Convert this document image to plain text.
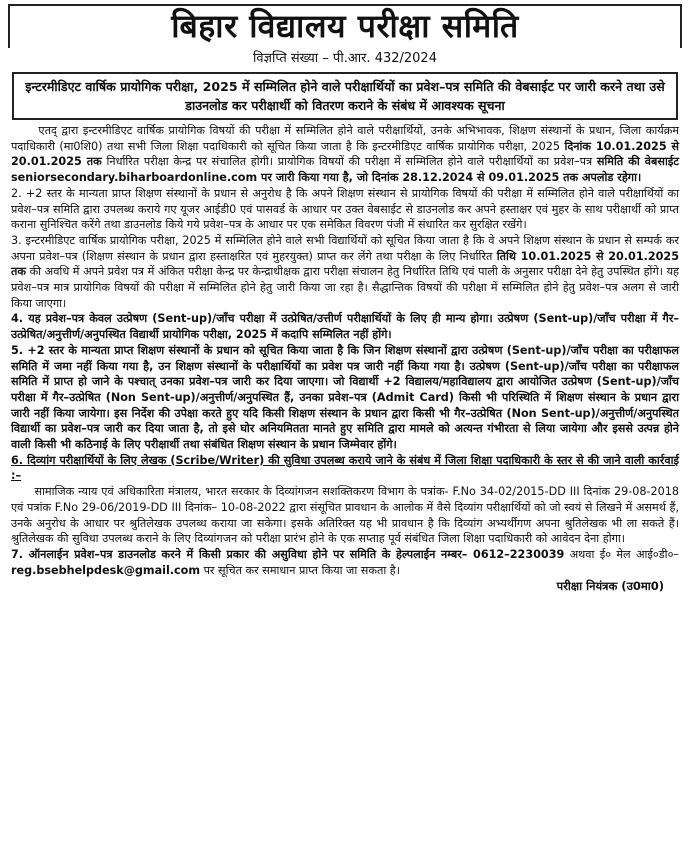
बिहार विद्यालय परीक्षा समिति
विज्ञप्ति संख्या – पी.आर. 432/2024
इन्टरमीडिएट वार्षिक प्रायोगिक परीक्षा, 2025 में सम्मिलित होने वाले परीक्षार्थियों का प्रवेश–पत्र समिति की वेबसाईट पर जारी करने तथा उसे डाउनलोड कर परीक्षार्थी को वितरण कराने के संबंध में आवश्यक सूचना

एतद् द्वारा इन्टरमीडिएट वार्षिक प्रायोगिक विषयों की परीक्षा में सम्मिलित होने वाले परीक्षार्थियों, उनके अभिभावक, शिक्षण संस्थानों के प्रधान, जिला कार्यक्रम पदाधिकारी (मा0शि0) तथा सभी जिला शिक्षा पदाधिकारी को सूचित किया जाता है कि इन्टरमीडिएट वार्षिक प्रायोगिक परीक्षा, 2025 दिनांक 10.01.2025 से 20.01.2025 तक निर्धारित परीक्षा केन्द्र पर संचालित होगी। प्रायोगिक विषयों की परीक्षा में सम्मिलित होने वाले परीक्षार्थियों का प्रवेश–पत्र समिति की वेबसाईट seniorsecondary.biharboardonline.com पर जारी किया गया है, जो दिनांक 28.12.2024 से 09.01.2025 तक अपलोड रहेगा।

2. +2 स्तर के मान्यता प्राप्त शिक्षण संस्थानों के प्रधान से अनुरोध है कि अपने शिक्षण संस्थान से प्रायोगिक विषयों की परीक्षा में सम्मिलित होने वाले परीक्षार्थियों का प्रवेश–पत्र समिति द्वारा उपलब्ध कराये गए यूजर आईडी0 एवं पासवर्ड के आधार पर उक्त वेबसाईट से डाउनलोड कर अपने हस्ताक्षर एवं मुहर के साथ परीक्षार्थी को प्राप्त कराना सुनिश्चित करेंगे तथा डाउनलोड किये गये प्रवेश–पत्र के आधार पर एक समेकित विवरण पंजी में संधारित कर सुरक्षित रखेंगे।

3. इन्टरमीडिएट वार्षिक प्रायोगिक परीक्षा, 2025 में सम्मिलित होने वाले सभी विद्यार्थियों को सूचित किया जाता है कि वे अपने शिक्षण संस्थान के प्रधान से सम्पर्क कर अपना प्रवेश–पत्र (शिक्षण संस्थान के प्रधान द्वारा हस्ताक्षरित एवं मुहरयुक्त) प्राप्त कर लेंगे तथा परीक्षा के लिए निर्धारित तिथि 10.01.2025 से 20.01.2025 तक की अवधि में अपने प्रवेश पत्र में अंकित परीक्षा केन्द्र पर केन्द्राधीक्षक द्वारा परीक्षा संचालन हेतु निर्धारित तिथि एवं पाली के अनुसार परीक्षा देने हेतु उपस्थित होंगे। यह प्रवेश–पत्र मात्र प्रायोगिक विषयों की परीक्षा में सम्मिलित होने हेतु जारी किया जा रहा है। सैद्धान्तिक विषयों की परीक्षा में सम्मिलित होने हेतु प्रवेश–पत्र अलग से जारी किया जाएगा।

4. यह प्रवेश–पत्र केवल उत्प्रेषण (Sent-up)/जाँच परीक्षा में उत्प्रेषित/उत्तीर्ण परीक्षार्थियों के लिए ही मान्य होगा। उत्प्रेषण (Sent-up)/जाँच परीक्षा में गैर–उत्प्रेषित/अनुत्तीर्ण/अनुपस्थित विद्यार्थी प्रायोगिक परीक्षा, 2025 में कदापि सम्मिलित नहीं होंगे।

5. +2 स्तर के मान्यता प्राप्त शिक्षण संस्थानों के प्रधान को सूचित किया जाता है कि जिन शिक्षण संस्थानों द्वारा उत्प्रेषण (Sent-up)/जाँच परीक्षा का परीक्षाफल समिति में जमा नहीं किया गया है, उन शिक्षण संस्थानों के परीक्षार्थियों का प्रवेश पत्र जारी नहीं किया गया है। उत्प्रेषण (Sent-up)/जाँच परीक्षा का परीक्षाफल समिति में प्राप्त हो जाने के पश्चात् उनका प्रवेश–पत्र जारी कर दिया जाएगा। जो विद्यार्थी +2 विद्यालय/महाविद्यालय द्वारा आयोजित उत्प्रेषण (Sent-up)/जाँच परीक्षा में गैर–उत्प्रेषित (Non Sent-up)/अनुत्तीर्ण/अनुपस्थित हैं, उनका प्रवेश–पत्र (Admit Card) किसी भी परिस्थिति में शिक्षण संस्थान के प्रधान द्वारा जारी नहीं किया जायेगा। इस निर्देश की उपेक्षा करते हुए यदि किसी शिक्षण संस्थान के प्रधान द्वारा किसी भी गैर–उत्प्रेषित (Non Sent-up)/अनुत्तीर्ण/अनुपस्थित विद्यार्थी का प्रवेश–पत्र जारी कर दिया जाता है, तो इसे घोर अनियमितता मानते हुए समिति द्वारा मामले को अत्यन्त गंभीरता से लिया जायेगा और इससे उत्पन्न होने वाली किसी भी कठिनाई के लिए परीक्षार्थी तथा संबंधित शिक्षण संस्थान के प्रधान जिम्मेवार होंगे।

6. दिव्यांग परीक्षार्थियों के लिए लेखक (Scribe/Writer) की सुविधा उपलब्ध कराये जाने के संबंध में जिला शिक्षा पदाधिकारी के स्तर से की जाने वाली कार्रवाई :–

सामाजिक न्याय एवं अधिकारिता मंत्रालय, भारत सरकार के दिव्यांगजन सशक्तिकरण विभाग के पत्रांक- F.No 34-02/2015-DD III दिनांक 29-08-2018 एवं पत्रांक F.No 29-06/2019-DD III दिनांक– 10-08-2022 द्वारा संसूचित प्रावधान के आलोक में वैसे दिव्यांग परीक्षार्थियों को जो स्वयं से लिखने में असमर्थ हैं, उनके अनुरोध के आधार पर श्रुतिलेखक उपलब्ध कराया जा सकेगा। इसके अतिरिक्त यह भी प्रावधान है कि दिव्यांग अभ्यर्थीगण अपना श्रुतिलेखक भी ला सकते हैं। श्रुतिलेखक की सुविधा उपलब्ध कराने के लिए दिव्यांगजन को परीक्षा प्रारंभ होने के एक सप्ताह पूर्व संबंधित जिला शिक्षा पदाधिकारी को आवेदन देना होगा।

7. ऑनलाईन प्रवेश–पत्र डाउनलोड करने में किसी प्रकार की असुविधा होने पर समिति के हेल्पलाईन नम्बर– 0612–2230039 अथवा ई० मेल आई०डी०– reg.bsebhelpdesk@gmail.com पर सूचित कर समाधान प्राप्त किया जा सकता है।

परीक्षा नियंत्रक (उ0मा0)
